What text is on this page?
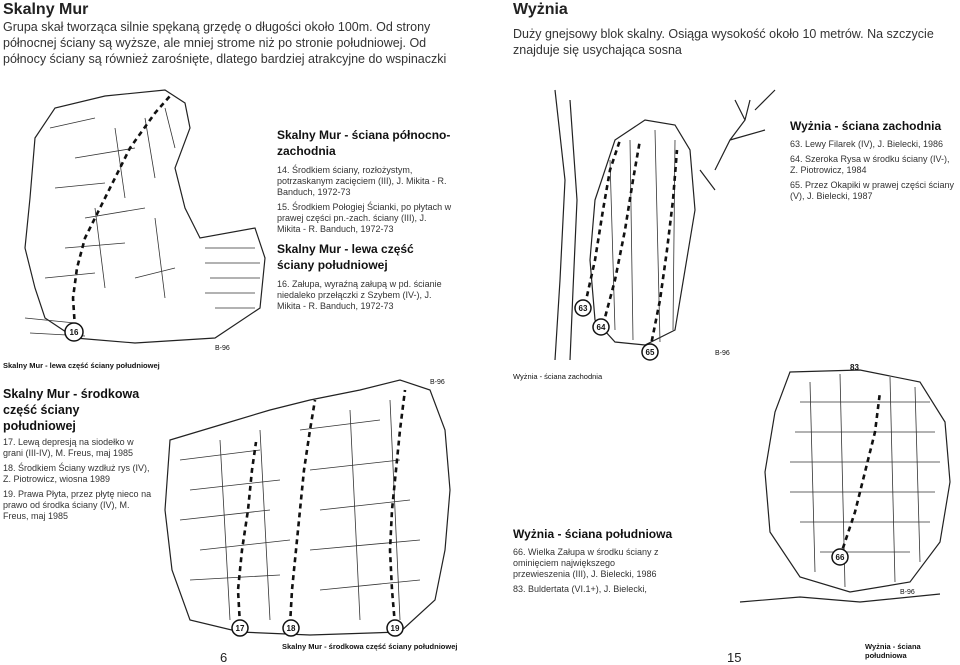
Skalny Mur
Grupa skał tworząca silnie spękaną grzędę o długości około 100m. Od strony północnej ściany są wyższe, ale mniej strome niż po stronie południowej. Od północy ściany są również zarośnięte, dlatego bardziej atrakcyjne do wspinaczki
16
B-96
Skalny Mur - ściana północno-zachodnia

14. Środkiem ściany, rozłożystym, potrzaskanym zacięciem (III), J. Mikita - R. Banduch, 1972-73

15. Środkiem Połogiej Ścianki, po płytach w prawej części pn.-zach. ściany (III), J. Mikita - R. Banduch, 1972-73

Skalny Mur - lewa część ściany południowej

16. Załupa, wyraźną załupą w pd. ścianie niedaleko przełączki z Szybem (IV-), J. Mikita - R. Banduch, 1972-73

Skalny Mur - lewa część ściany południowej
Skalny Mur - środkowa część ściany południowej

17. Lewą depresją na siodełko w grani (III-IV), M. Freus, maj 1985

18. Środkiem Ściany wzdłuż rys (IV), Z. Piotrowicz, wiosna 1989

19. Prawa Płyta, przez płytę nieco na prawo od środka ściany (IV), M. Freus, maj 1985

17	18	19
B-96
6
Skalny Mur - środkowa część ściany południowej
Wyżnia
Duży gnejsowy blok skalny. Osiąga wysokość około 10 metrów. Na szczycie znajduje się usychająca sosna
63
64
65	B-96
Wyżnia - ściana zachodnia

63. Lewy Filarek (IV), J. Bielecki, 1986

64. Szeroka Rysa w środku ściany (IV-), Z. Piotrowicz, 1984

65. Przez Okapiki w prawej części ściany (V), J. Bielecki, 1987

Wyżnia - ściana zachodnia
66
83
B-96
Wyżnia - ściana południowa

66. Wielka Załupa w środku ściany z ominięciem największego przewieszenia (III), J. Bielecki, 1986

83. Buldertata (VI.1+), J. Bielecki,

15
Wyżnia - ściana południowa
